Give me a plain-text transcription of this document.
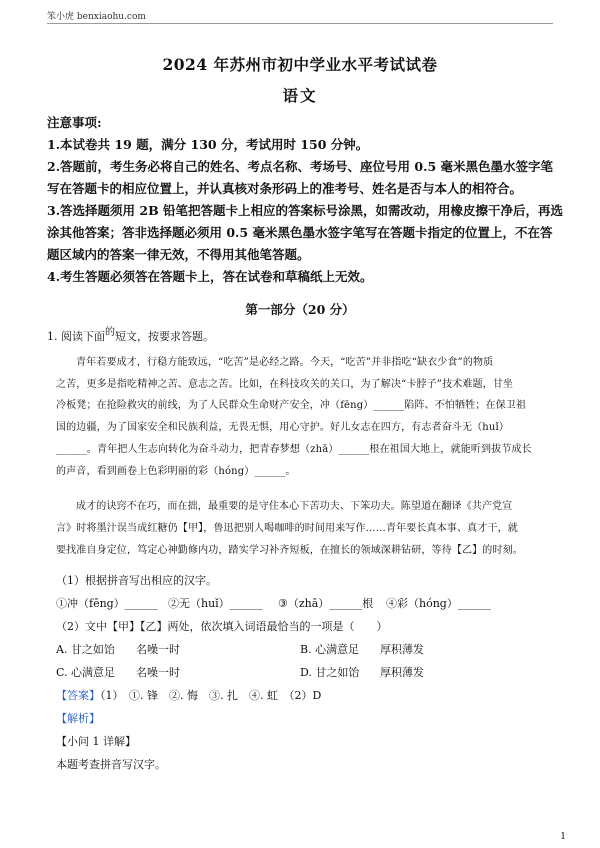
笨小虎 benxiaohu.com
2024 年苏州市初中学业水平考试试卷
语文
注意事项:
1.本试卷共 19 题，满分 130 分，考试用时 150 分钟。
2.答题前，考生务必将自己的姓名、考点名称、考场号、座位号用 0.5 毫米黑色墨水签字笔
写在答题卡的相应位置上，并认真核对条形码上的准考号、姓名是否与本人的相符合。
3.答选择题须用 2B 铅笔把答题卡上相应的答案标号涂黑，如需改动，用橡皮擦干净后，再选
涂其他答案；答非选择题必须用 0.5 毫米黑色墨水签字笔写在答题卡指定的位置上，不在答
题区域内的答案一律无效，不得用其他笔答题。
4.考生答题必须答在答题卡上，答在试卷和草稿纸上无效。
第一部分（20 分）
1. 阅读下面的短文，按要求答题。
青年若要成才，行稳方能致远，“吃苦”是必经之路。今天，“吃苦”并非指吃“缺衣少食”的物质
之苦，更多是指吃精神之苦、意志之苦。比如，在科技攻关的关口，为了解决“卡脖子”技术难题，甘坐
冷板凳；在抢险救灾的前线，为了人民群众生命财产安全，冲（fēng）______陷阵、不怕牺牲；在保卫祖
国的边疆，为了国家安全和民族利益，无畏无惧，用心守护。好儿女志在四方，有志者奋斗无（huǐ）
______。青年把人生志向转化为奋斗动力，把青春梦想（zhā）______根在祖国大地上，就能听到拔节成长
的声音，看到画卷上色彩明丽的彩（hóng）______。
成才的诀窍不在巧，而在拙，最重要的是守住本心下苦功夫、下笨功夫。陈望道在翻译《共产党宣
言》时将墨汁误当成红糖仍【甲】，鲁迅把别人喝咖啡的时间用来写作……青年要长真本事、真才干，就
要找准自身定位，笃定心神勤修内功，踏实学习补齐短板，在擅长的领域深耕钻研，等待【乙】的时刻。
（1）根据拼音写出相应的汉字。
①冲（fēng）______ ②无（huǐ）______ ③（zhā）______根 ④彩（hóng）______
（2）文中【甲】【乙】两处，依次填入词语最恰当的一项是（　　）
A. 甘之如饴 名噪一时	B. 心满意足 厚积薄发
C. 心满意足 名噪一时	D. 甘之如饴 厚积薄发
【答案】（1）　①. 锋　②. 悔　③. 扎　④. 虹　（2）D
【解析】
【小问 1 详解】
本题考查拼音写汉字。
1
